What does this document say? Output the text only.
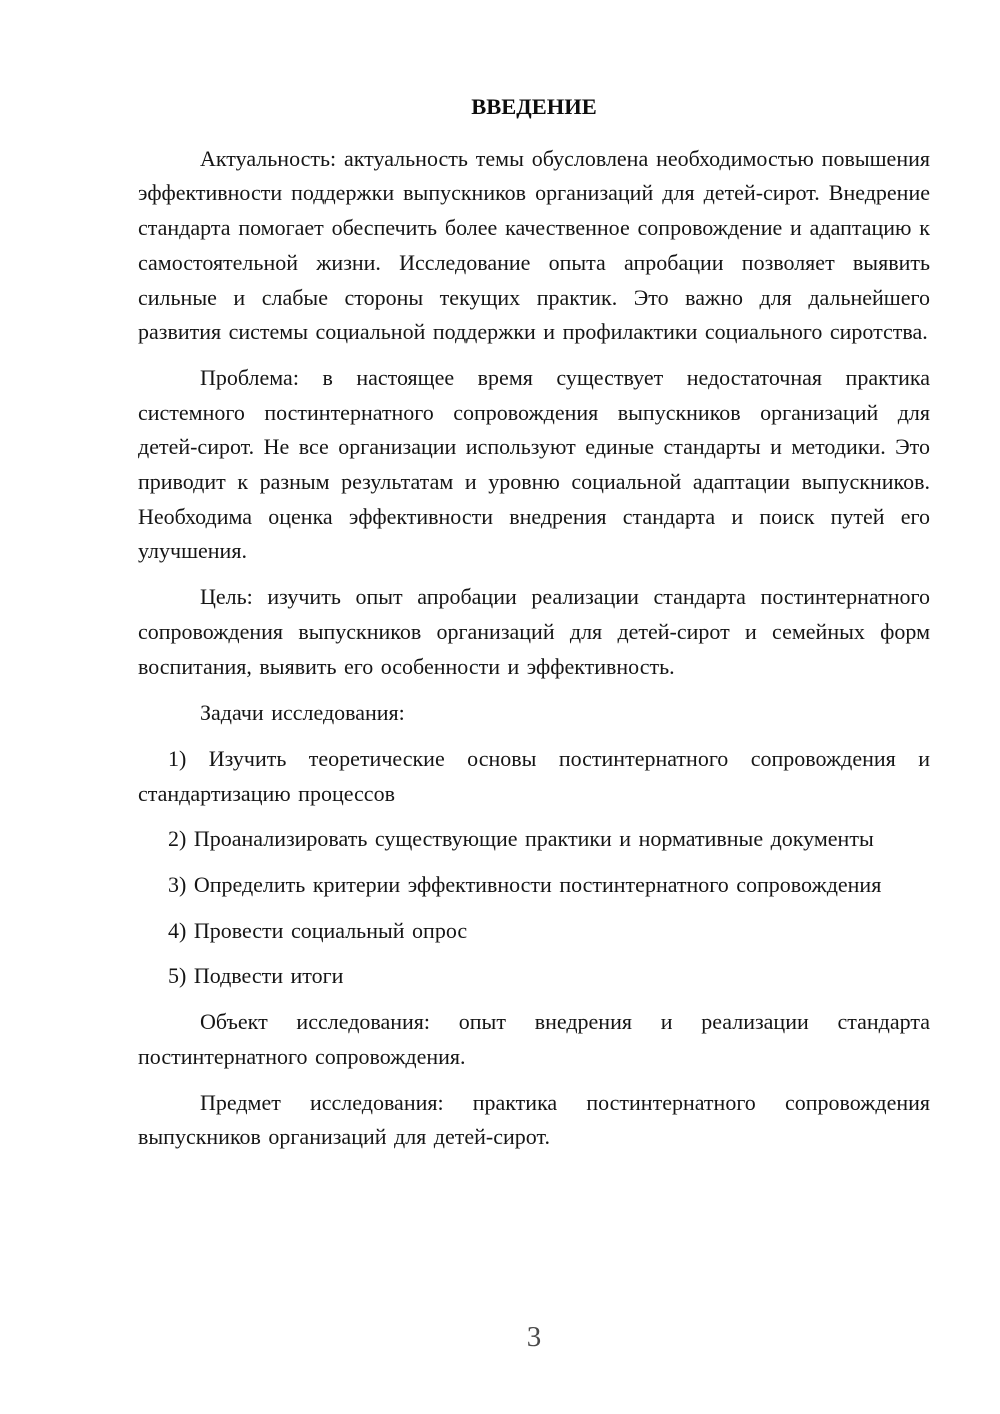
ВВЕДЕНИЕ

Актуальность: актуальность темы обусловлена необходимостью повышения эффективности поддержки выпускников организаций для детей-сирот. Внедрение стандарта помогает обеспечить более качественное сопровождение и адаптацию к самостоятельной жизни. Исследование опыта апробации позволяет выявить сильные и слабые стороны текущих практик. Это важно для дальнейшего развития системы социальной поддержки и профилактики социального сиротства.

Проблема: в настоящее время существует недостаточная практика системного постинтернатного сопровождения выпускников организаций для детей-сирот. Не все организации используют единые стандарты и методики. Это приводит к разным результатам и уровню социальной адаптации выпускников. Необходима оценка эффективности внедрения стандарта и поиск путей его улучшения.

Цель: изучить опыт апробации реализации стандарта постинтернатного сопровождения выпускников организаций для детей-сирот и семейных форм воспитания, выявить его особенности и эффективность.

Задачи исследования:

1) Изучить теоретические основы постинтернатного сопровождения и стандартизацию процессов

2) Проанализировать существующие практики и нормативные документы

3) Определить критерии эффективности постинтернатного сопровождения

4) Провести социальный опрос

5) Подвести итоги

Объект исследования: опыт внедрения и реализации стандарта постинтернатного сопровождения.

Предмет исследования: практика постинтернатного сопровождения выпускников организаций для детей-сирот.

3
